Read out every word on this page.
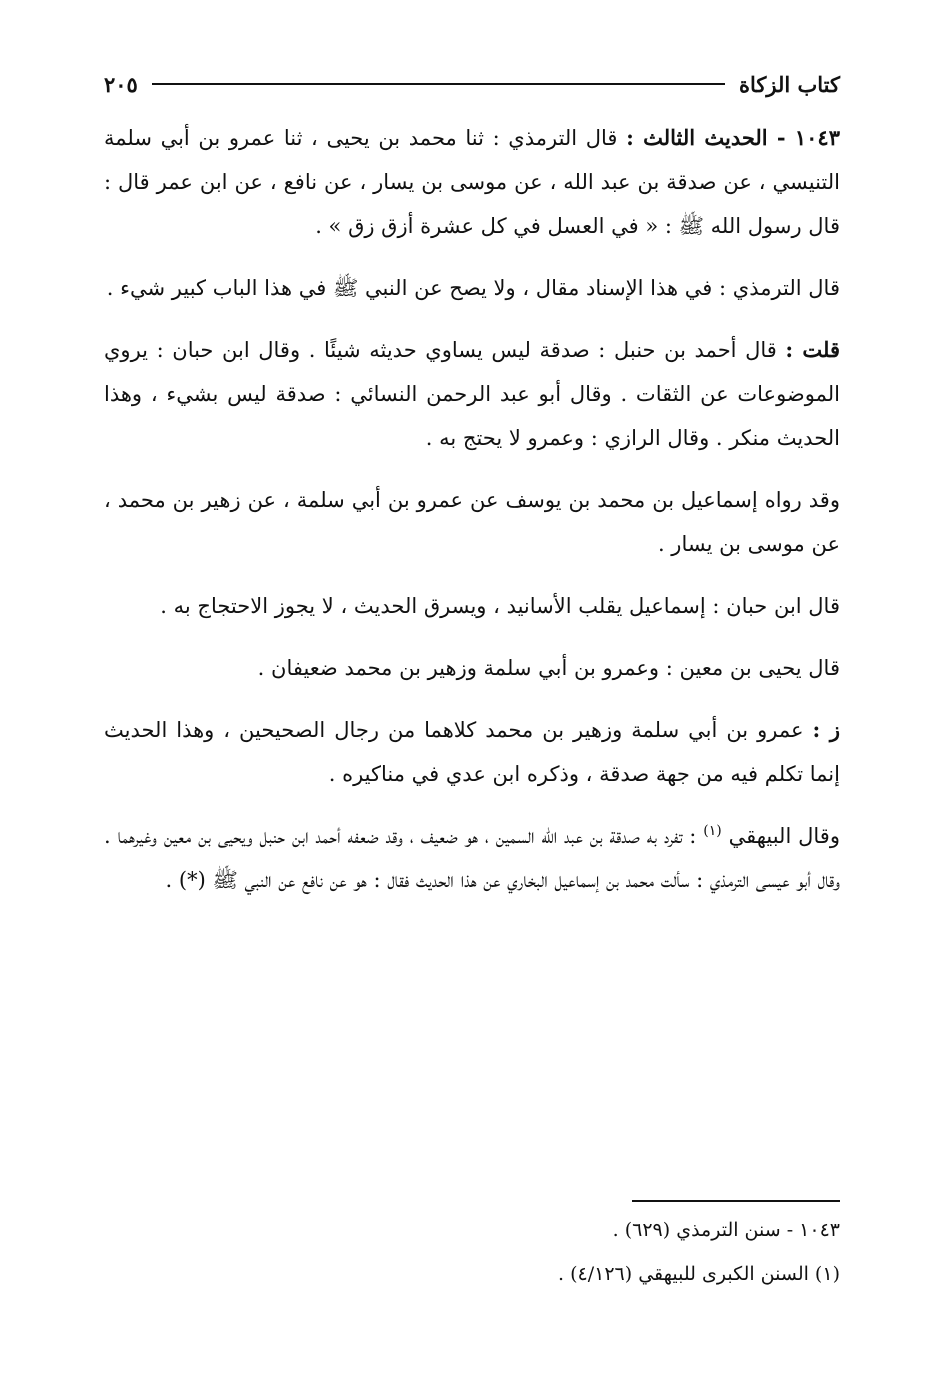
كتاب الزكاة
٢٠٥

١٠٤٣ - الحديث الثالث : قال الترمذي : ثنا محمد بن يحيى ، ثنا عمرو بن أبي سلمة التنيسي ، عن صدقة بن عبد الله ، عن موسى بن يسار ، عن نافع ، عن ابن عمر قال : قال رسول الله ﷺ : « في العسل في كل عشرة أزق زق » .

قال الترمذي : في هذا الإسناد مقال ، ولا يصح عن النبي ﷺ في هذا الباب كبير شيء .

قلت : قال أحمد بن حنبل : صدقة ليس يساوي حديثه شيئًا . وقال ابن حبان : يروي الموضوعات عن الثقات . وقال أبو عبد الرحمن النسائي : صدقة ليس بشيء ، وهذا الحديث منكر . وقال الرازي : وعمرو لا يحتج به .

وقد رواه إسماعيل بن محمد بن يوسف عن عمرو بن أبي سلمة ، عن زهير بن محمد ، عن موسى بن يسار .

قال ابن حبان : إسماعيل يقلب الأسانيد ، ويسرق الحديث ، لا يجوز الاحتجاج به .

قال يحيى بن معين : وعمرو بن أبي سلمة وزهير بن محمد ضعيفان .

ز : عمرو بن أبي سلمة وزهير بن محمد كلاهما من رجال الصحيحين ، وهذا الحديث إنما تكلم فيه من جهة صدقة ، وذكره ابن عدي في مناكيره .

وقال البيهقي $^{(١)}$ : تفرد به صدقة بن عبد الله السمين ، هو ضعيف ، وقد ضعفه أحمد ابن حنبل ويحيى بن معين وغيرهما . وقال أبو عيسى الترمذي : سألت محمد بن إسماعيل البخاري عن هذا الحديث فقال : هو عن نافع عن النبي ﷺ (*) .

١٠٤٣ - سنن الترمذي (٦٢٩) .

(١) السنن الكبرى للبيهقي (٤/١٢٦) .
